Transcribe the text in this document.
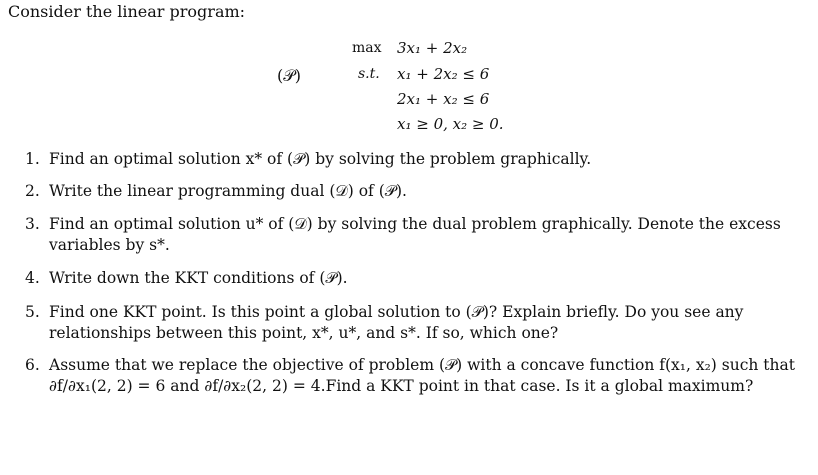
Consider the linear program:
(𝒫)
max 3x₁ + 2x₂
s.t. x₁ + 2x₂ ≤ 6
2x₁ + x₂ ≤ 6
x₁ ≥ 0, x₂ ≥ 0.
1. Find an optimal solution x* of (𝒫) by solving the problem graphically.
2. Write the linear programming dual (𝒟) of (𝒫).
3. Find an optimal solution u* of (𝒟) by solving the dual problem graphically. Denote the excess
variables by s*.
4. Write down the KKT conditions of (𝒫).
5. Find one KKT point. Is this point a global solution to (𝒫)? Explain briefly. Do you see any
relationships between this point, x*, u*, and s*. If so, which one?
6. Assume that we replace the objective of problem (𝒫) with a concave function f(x₁, x₂) such that
∂f/∂x₁(2, 2) = 6 and ∂f/∂x₂(2, 2) = 4.Find a KKT point in that case. Is it a global maximum?
